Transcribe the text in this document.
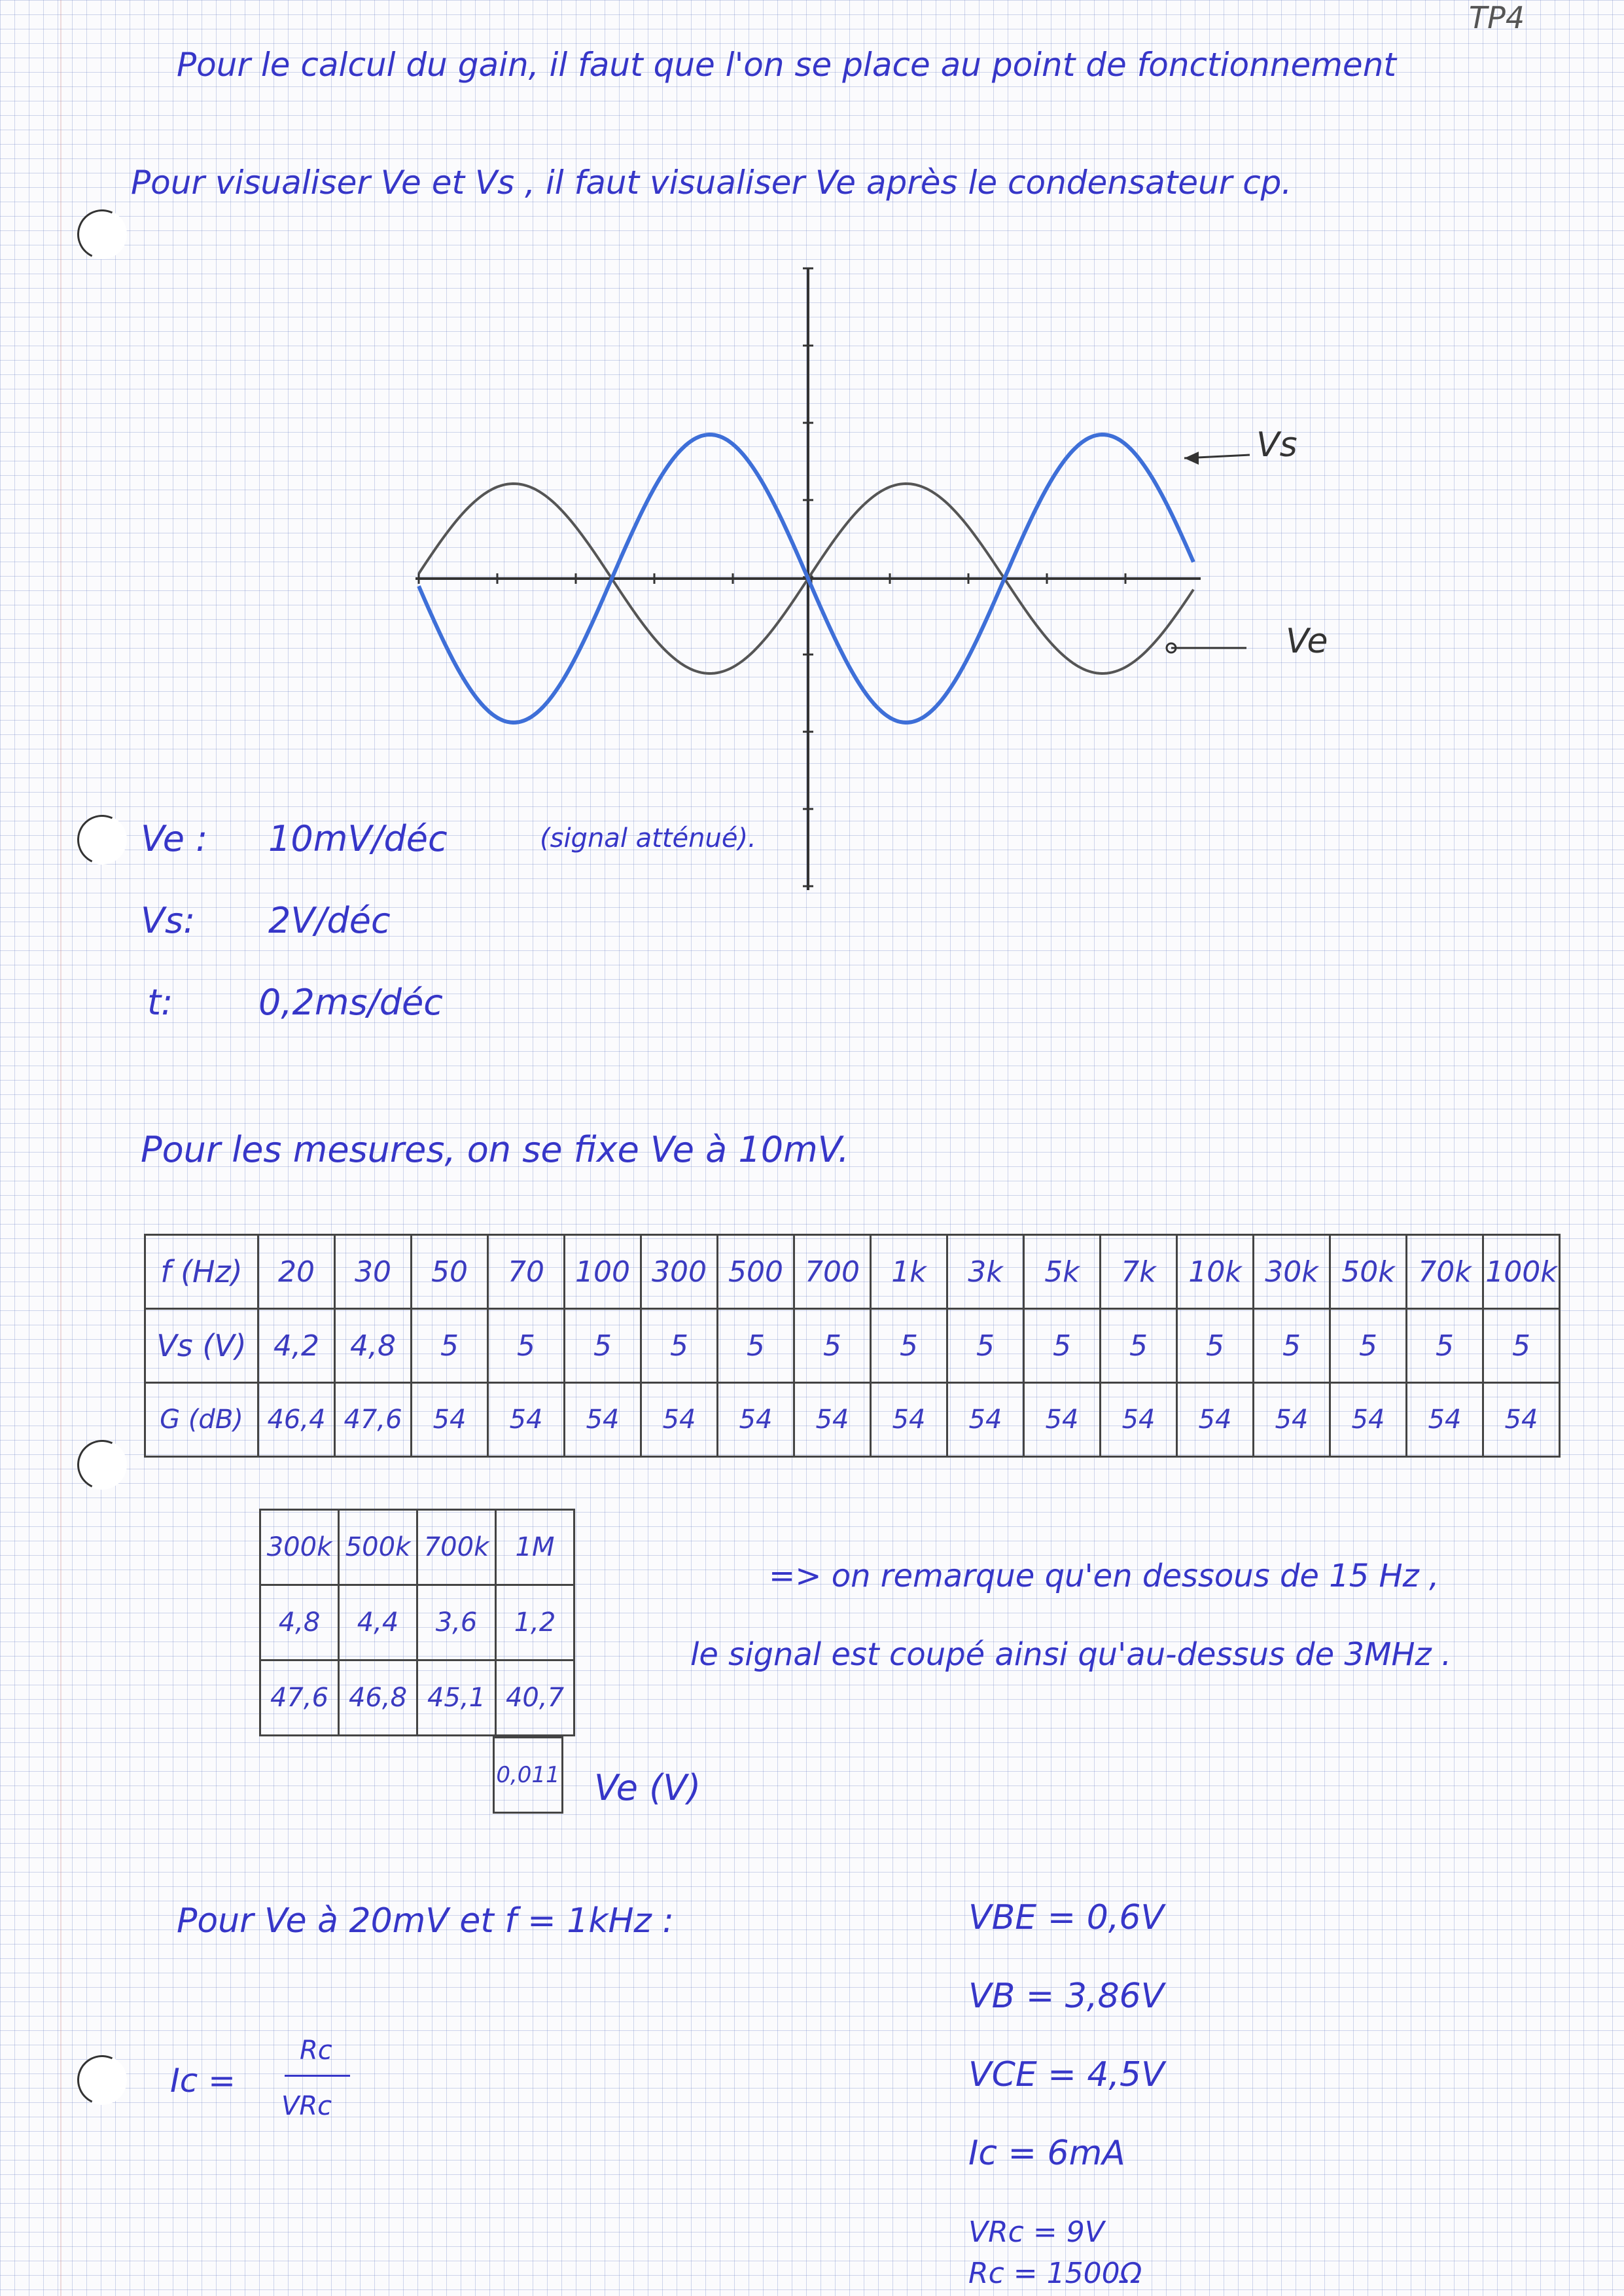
TP4
Pour le calcul du gain, il faut que l'on se place au point de fonctionnement
Pour visualiser Ve et Vs , il faut visualiser Ve après le condensateur cp.
Vs
Ve
Ve : 10mV/déc	(signal atténué).
Vs: 2V/déc
t: 0,2ms/déc
Pour les mesures, on se fixe Ve à 10mV.
f (Hz)	20	30	50	70	100	300	500	700	1k	3k	5k	7k	10k	30k	50k	70k	100k
Vs (V)	4,2	4,8	5	5	5	5	5	5	5	5	5	5	5	5	5	5	5
G (dB)	46,4	47,6	54	54	54	54	54	54	54	54	54	54	54	54	54	54	54
300k	500k	700k	1M
4,8	4,4	3,6	1,2
47,6	46,8	45,1	40,7
0,011 Ve (V)
=> on remarque qu'en dessous de 15 Hz ,
le signal est coupé ainsi qu'au-dessus de 3MHz .
Pour Ve à 20mV et f = 1kHz :
Ic =
Rc
VRc
VBE = 0,6V
VB = 3,86V
VCE = 4,5V
Ic = 6mA
VRc = 9V
Rc = 1500Ω
